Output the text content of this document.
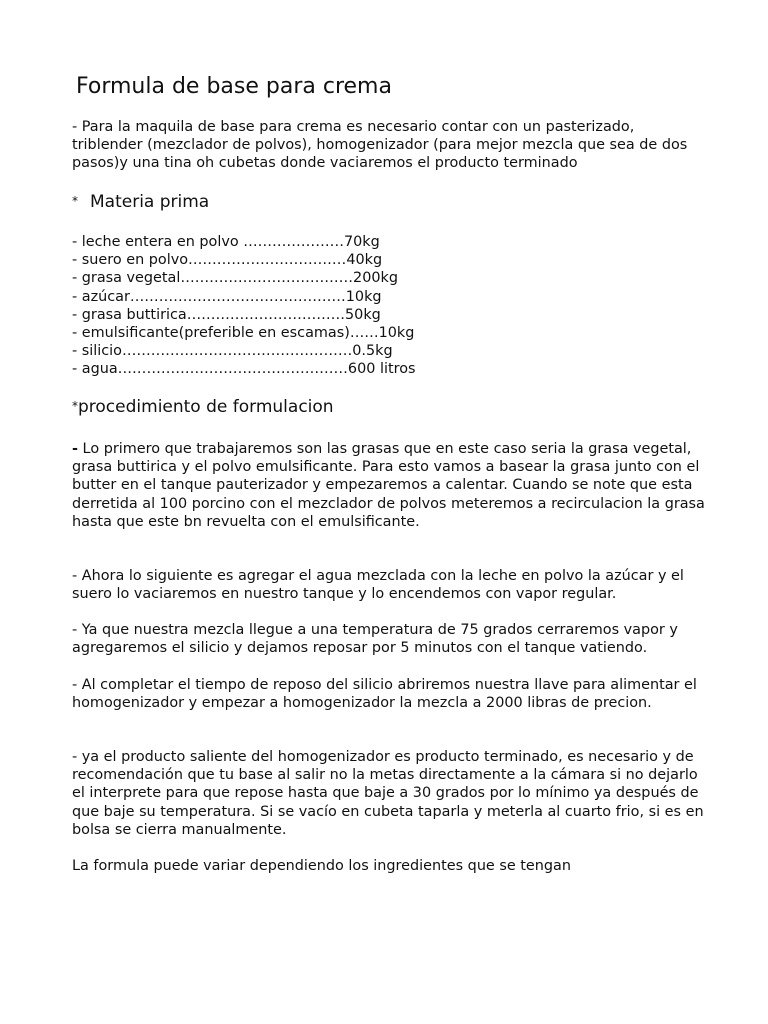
Formula de base para crema

- Para la maquila de base para crema es necesario contar con un pasterizado, triblender (mezclador de polvos), homogenizador (para mejor mezcla que sea de dos pasos)y una tina oh cubetas donde vaciaremos el producto terminado

* Materia prima
- leche entera en polvo …………………70kg
- suero en polvo……………………………40kg
- grasa vegetal………………………………200kg
- azúcar………………………………………10kg
- grasa buttirica……………………………50kg
- emulsificante(preferible en escamas)……10kg
- silicio…………………………………………0.5kg
- agua…………………………………………600 litros
*procedimiento de formulacion

- Lo primero que trabajaremos son las grasas que en este caso seria la grasa vegetal, grasa buttirica y el polvo emulsificante. Para esto vamos a basear la grasa junto con el butter en el tanque pauterizador y empezaremos a calentar. Cuando se note que esta derretida al 100 porcino con el mezclador de polvos meteremos a recirculacion la grasa hasta que este bn revuelta con el emulsificante.

- Ahora lo siguiente es agregar el agua mezclada con la leche en polvo la azúcar y el suero lo vaciaremos en nuestro tanque y lo encendemos con vapor regular.

- Ya que nuestra mezcla llegue a una temperatura de 75 grados cerraremos vapor y agregaremos el silicio y dejamos reposar por 5 minutos con el tanque vatiendo.

- Al completar el tiempo de reposo del silicio abriremos nuestra llave para alimentar el homogenizador y empezar a homogenizador la mezcla a 2000 libras de precion.

- ya el producto saliente del homogenizador es producto terminado, es necesario y de recomendación que tu base al salir no la metas directamente a la cámara si no dejarlo el interprete para que repose hasta que baje a 30 grados por lo mínimo ya después de que baje su temperatura. Si se vacío en cubeta taparla y meterla al cuarto frio, si es en bolsa se cierra manualmente.

La formula puede variar dependiendo los ingredientes que se tengan
